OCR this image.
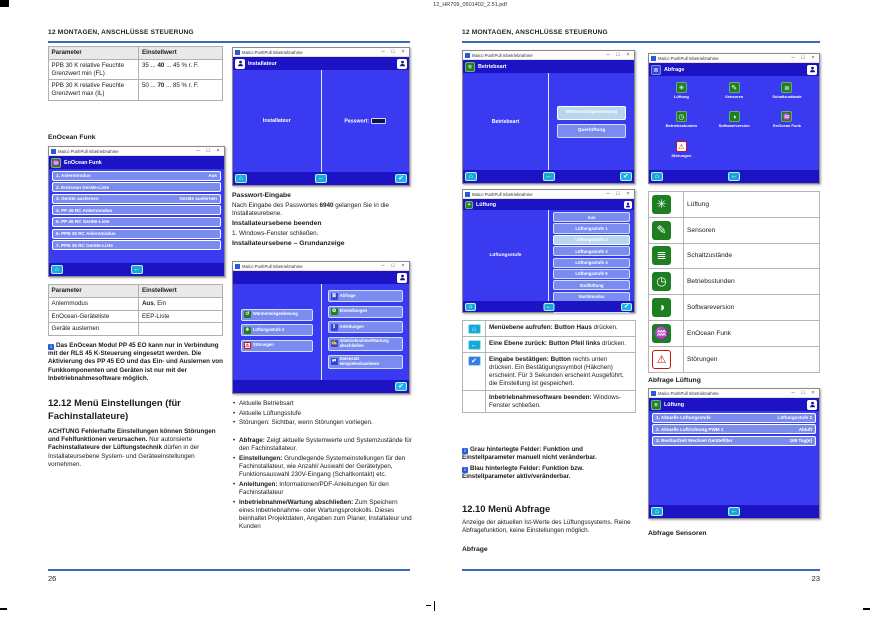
12_HR709_0501402_2.51.pdf
12 MONTAGEN, ANSCHLÜSSE STEUERUNG
Parameter	Einstellwert
PPB 30 K relative Feuchte Grenzwert min (FL)	35 ... 40 ... 45 % r. F.
PPB 30 K relative Feuchte Grenzwert max (IL)	50 ... 70 ... 85 % r. F.
EnOcean Funk
Maico PushPull Inbetriebnahme	–	□	×
♒ EnOcean Funk
1. Anlernmodus	Aus
2. EnOcean Geräte-Liste
3. Geräte auslernen	Geräte auslernen
4. PP 45 RC Anlernmodus
5. PP 45 RC Geräte-Liste
6. PPB 30 RC Anlernmodus
7. PPB 30 RC Geräte-Liste
⌂	←
Parameter	Einstellwert
Anlernmodus	Aus, Ein
EnOcean-Geräteliste	EEP-Liste
Geräte auslernen	
i Das EnOcean Modul PP 45 EO kann nur in Verbindung mit der RLS 45 K-Steuerung eingesetzt werden. Die Aktivierung des PP 45 EO und das Ein- und Auslernen von Funkkomponenten und Geräten ist nur mit der Inbetriebnahmesoftware möglich.
12.12 Menü Einstellungen (für Fachinstallateure)
ACHTUNG Fehlerhafte Einstellungen können Störungen und Fehlfunktionen verursachen. Nur autorisierte Fachinstallateure der Lüftungstechnik dürfen in der Installateursebene System- und Geräteeinstellungen vornehmen.
Maico PushPull Inbetriebnahme	–	□	×
Installateur
Installateur	Passwort:
⌂	←	✔
Passwort-Eingabe
Nach Eingabe des Passwortes 6940 gelangen Sie in die Installateurebene.
Installateursebene beenden
1. Windows-Fenster schließen.
Installateursebene – Grundanzeige
Maico PushPull Inbetriebnahme	–	□	×
↺ Wärmerückgewinnung
✳ Lüftungsstufe 2
⚠ Störungen
≣ Abfrage
⚙ Einstellungen
ℹ	Anleitungen
✍ Inbetriebnahme/Wartung abschließen
⇄ Datensatz einspielen/auslesen
✔
• Aktuelle Betriebsart
• Aktuelle Lüftungsstufe
• Störungen: Sichtbar, wenn Störungen vorliegen.
• Abfrage: Zeigt aktuelle Systemwerte und Systemzustände für den Fachinstallateur.
• Einstellungen: Grundlegende Systemeinstellungen für den Fachinstallateur, wie Anzahl/ Auswahl der Gerätetypen, Funktionsauswahl 230V-Eingang (Schaltkontakt) etc.
• Anleitungen: Informationen/PDF-Anleitungen für den Fachinstallateur
• Inbetriebnahme/Wartung abschließen: Zum Speichern eines Inbetriebnahme- oder Wartungsprotokolls. Dieses beinhaltet Projektdaten, Angaben zum Planer, Installateur und Kunden
26
12 MONTAGEN, ANSCHLÜSSE STEUERUNG
Maico PushPull Inbetriebnahme	–	□	×
✳ Betriebsart
Betriebsart
Wärmerückgewinnung
Querlüftung
⌂	←	✔
Maico PushPull Inbetriebnahme	–	□	×
✳ Lüftung
Lüftungsstufe
Aus
Lüftungsstufe 1
Lüftungsstufe 2
Lüftungsstufe 3
Lüftungsstufe 4
Lüftungsstufe 5
Stoßlüftung
Nachtmodus
⌂	←	✔
⌂	Menüebene aufrufen: Button Haus drücken.
←	Eine Ebene zurück: Button Pfeil links drücken.
✔	Eingabe bestätigen: Button rechts unten drücken. Ein Bestätigungssymbol (Häkchen) erscheint. Für 3 Sekunden erscheint Ausgeführt, die Einstellung ist gespeichert.
	Inbetriebnahmesoftware beenden: Windows-Fenster schließen.
i Grau hinterlegte Felder: Funktion und Einstellparameter manuell nicht veränderbar.
i Blau hinterlegte Felder: Funktion bzw. Einstellparameter aktiv/veränderbar.
12.10 Menü Abfrage
Anzeige der aktuellen Ist-Werte des Lüftungssystems. Reine Abfragefunktion, keine Einstellungen möglich.
Abfrage
Maico PushPull Inbetriebnahme	–	□	×
≣ Abfrage
✳
Lüftung
✎
Sensoren
≣
Schaltzustände
◷
Betriebsstunden
◑
Softwareversion
♒
EnOcean Funk
⚠
Störungen
⌂	←
✳	Lüftung
✎	Sensoren
≣	Schaltzustände
◷	Betriebsstunden
◑	Softwareversion
♒	EnOcean Funk
⚠	Störungen
Abfrage Lüftung
Maico PushPull Inbetriebnahme	–	□	×
✳ Lüftung
1. Aktuelle Lüftungsstufe	Lüftungsstufe 2
2. Aktuelle Luftrichtung PWM 1	Abluft
3. Restlaufzeit Wechsel Gerätefilter	165 Tag(e)
⌂	←
Abfrage Sensoren
23
